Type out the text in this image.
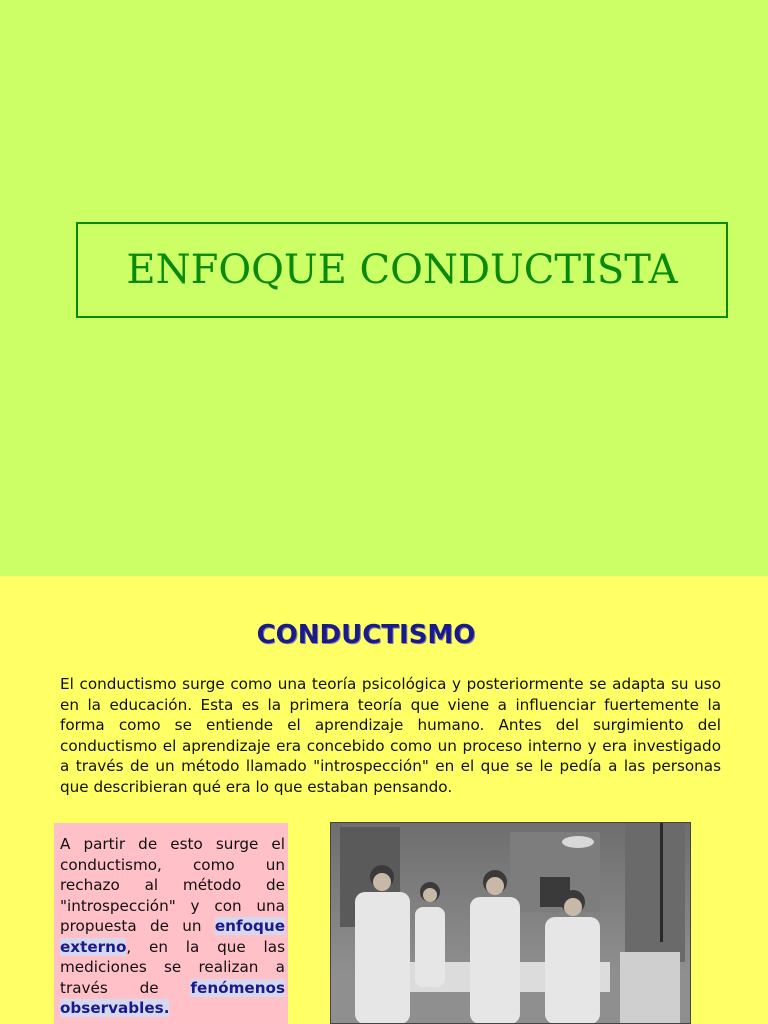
ENFOQUE CONDUCTISTA
CONDUCTISMO
El conductismo surge como una teoría psicológica y posteriormente se adapta su uso en la educación. Esta es la primera teoría que viene a influenciar fuertemente la forma como se entiende el aprendizaje humano. Antes del surgimiento del conductismo el aprendizaje era concebido como un proceso interno y era investigado a través de un método llamado "introspección" en el que se le pedía a las personas que describieran qué era lo que estaban pensando.

A partir de esto surge el conductismo, como un rechazo al método de "introspección" y con una propuesta de un enfoque externo, en la que las mediciones se realizan a través de fenómenos observables.
